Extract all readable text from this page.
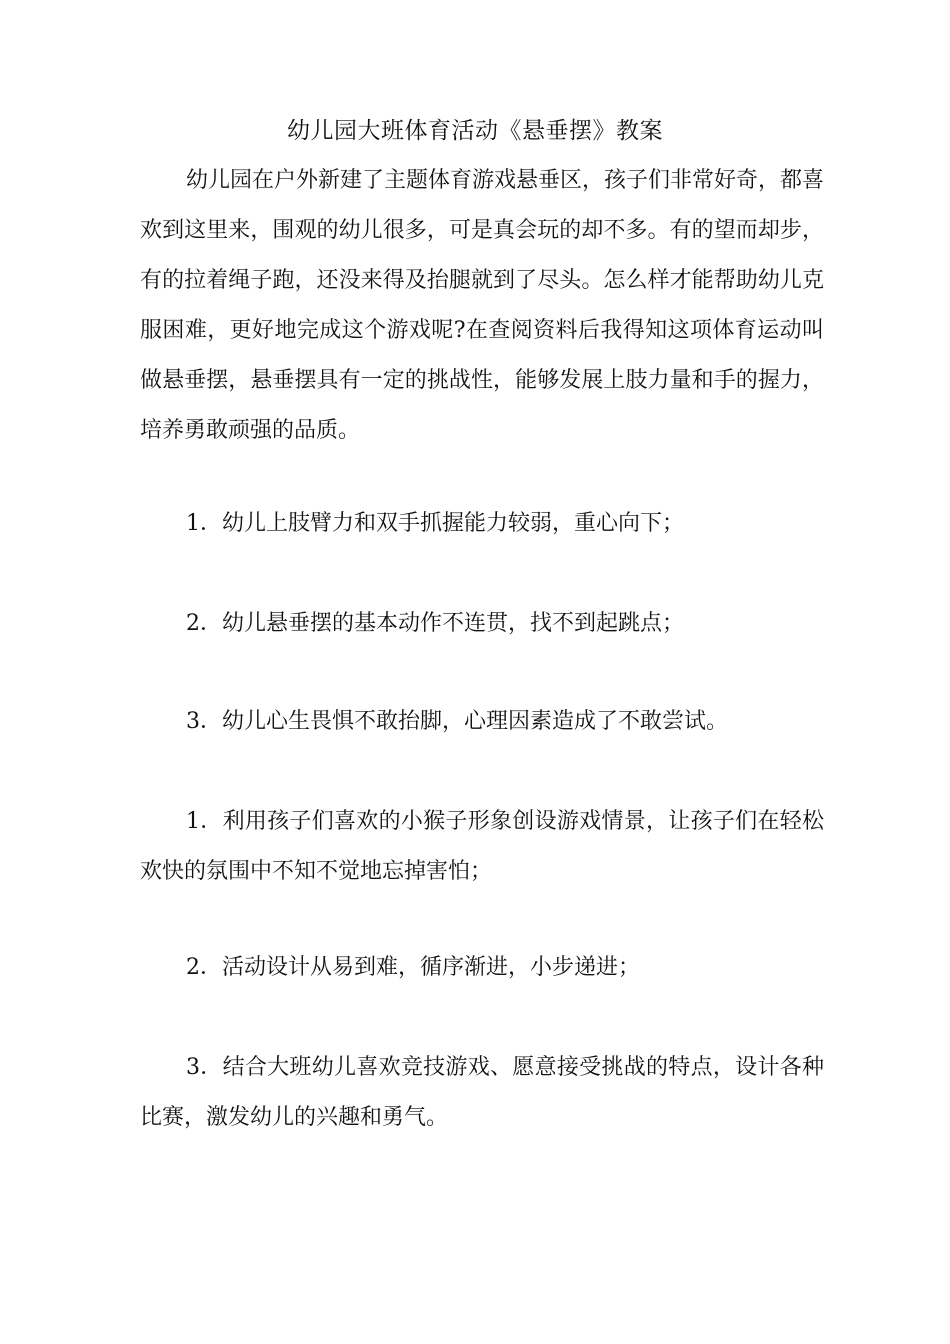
幼儿园大班体育活动《悬垂摆》教案

幼儿园在户外新建了主题体育游戏悬垂区，孩子们非常好奇，都喜欢到这里来，围观的幼儿很多，可是真会玩的却不多。有的望而却步，有的拉着绳子跑，还没来得及抬腿就到了尽头。怎么样才能帮助幼儿克服困难，更好地完成这个游戏呢?在查阅资料后我得知这项体育运动叫做悬垂摆，悬垂摆具有一定的挑战性，能够发展上肢力量和手的握力，培养勇敢顽强的品质。

1．幼儿上肢臂力和双手抓握能力较弱，重心向下；

2．幼儿悬垂摆的基本动作不连贯，找不到起跳点；

3．幼儿心生畏惧不敢抬脚，心理因素造成了不敢尝试。

1．利用孩子们喜欢的小猴子形象创设游戏情景，让孩子们在轻松欢快的氛围中不知不觉地忘掉害怕；

2．活动设计从易到难，循序渐进，小步递进；

3．结合大班幼儿喜欢竞技游戏、愿意接受挑战的特点，设计各种比赛，激发幼儿的兴趣和勇气。
